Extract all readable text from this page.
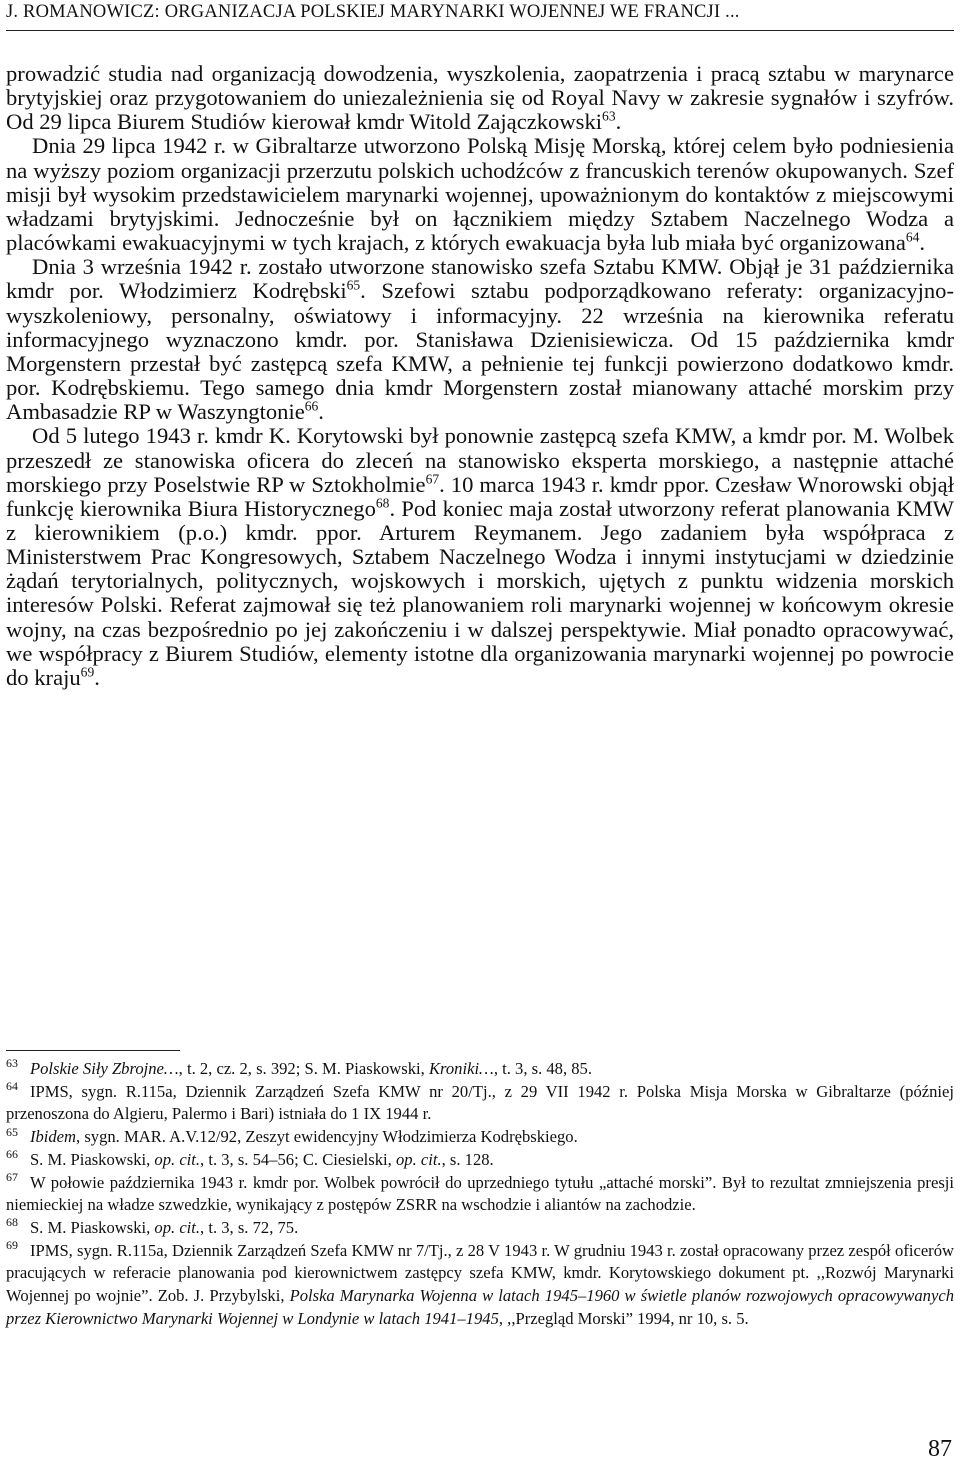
J. ROMANOWICZ: ORGANIZACJA POLSKIEJ MARYNARKI WOJENNEJ WE FRANCJI ...

prowadzić studia nad organizacją dowodzenia, wyszkolenia, zaopatrzenia i pracą sztabu w marynarce brytyjskiej oraz przygotowaniem do uniezależnienia się od Royal Navy w zakresie sygnałów i szyfrów. Od 29 lipca Biurem Studiów kierował kmdr Witold Zajączkowski$^{63}$.

Dnia 29 lipca 1942 r. w Gibraltarze utworzono Polską Misję Morską, której celem było podniesienia na wyższy poziom organizacji przerzutu polskich uchodźców z francuskich terenów okupowanych. Szef misji był wysokim przedstawicielem marynarki wojennej, upoważnionym do kontaktów z miejscowymi władzami brytyjskimi. Jednocześnie był on łącznikiem między Sztabem Naczelnego Wodza a placówkami ewakuacyjnymi w tych krajach, z których ewakuacja była lub miała być organizowana$^{64}$.

Dnia 3 września 1942 r. zostało utworzone stanowisko szefa Sztabu KMW. Objął je 31 października kmdr por. Włodzimierz Kodrębski$^{65}$. Szefowi sztabu podporządkowano referaty: organizacyjno-wyszkoleniowy, personalny, oświatowy i informacyjny. 22 września na kierownika referatu informacyjnego wyznaczono kmdr. por. Stanisława Dzienisiewicza. Od 15 października kmdr Morgenstern przestał być zastępcą szefa KMW, a pełnienie tej funkcji powierzono dodatkowo kmdr. por. Kodrębskiemu. Tego samego dnia kmdr Morgenstern został mianowany attaché morskim przy Ambasadzie RP w Waszyngtonie$^{66}$.

Od 5 lutego 1943 r. kmdr K. Korytowski był ponownie zastępcą szefa KMW, a kmdr por. M. Wolbek przeszedł ze stanowiska oficera do zleceń na stanowisko eksperta morskiego, a następnie attaché morskiego przy Poselstwie RP w Sztokholmie$^{67}$. 10 marca 1943 r. kmdr ppor. Czesław Wnorowski objął funkcję kierownika Biura Historycznego$^{68}$. Pod koniec maja został utworzony referat planowania KMW z kierownikiem (p.o.) kmdr. ppor. Arturem Reymanem. Jego zadaniem była współpraca z Ministerstwem Prac Kongresowych, Sztabem Naczelnego Wodza i innymi instytucjami w dziedzinie żądań terytorialnych, politycznych, wojskowych i morskich, ujętych z punktu widzenia morskich interesów Polski. Referat zajmował się też planowaniem roli marynarki wojennej w końcowym okresie wojny, na czas bezpośrednio po jej zakończeniu i w dalszej perspektywie. Miał ponadto opracowywać, we współpracy z Biurem Studiów, elementy istotne dla organizowania marynarki wojennej po powrocie do kraju$^{69}$.

$^{63}$ Polskie Siły Zbrojne…, t. 2, cz. 2, s. 392; S. M. Piaskowski, Kroniki…, t. 3, s. 48, 85.

$^{64}$ IPMS, sygn. R.115a, Dziennik Zarządzeń Szefa KMW nr 20/Tj., z 29 VII 1942 r. Polska Misja Morska w Gibraltarze (później przenoszona do Algieru, Palermo i Bari) istniała do 1 IX 1944 r.

$^{65}$ Ibidem, sygn. MAR. A.V.12/92, Zeszyt ewidencyjny Włodzimierza Kodrębskiego.

$^{66}$ S. M. Piaskowski, op. cit., t. 3, s. 54–56; C. Ciesielski, op. cit., s. 128.

$^{67}$ W połowie października 1943 r. kmdr por. Wolbek powrócił do uprzedniego tytułu „attaché morski”. Był to rezultat zmniejszenia presji niemieckiej na władze szwedzkie, wynikający z postępów ZSRR na wschodzie i aliantów na zachodzie.

$^{68}$ S. M. Piaskowski, op. cit., t. 3, s. 72, 75.

$^{69}$ IPMS, sygn. R.115a, Dziennik Zarządzeń Szefa KMW nr 7/Tj., z 28 V 1943 r. W grudniu 1943 r. został opracowany przez zespół oficerów pracujących w referacie planowania pod kierownictwem zastępcy szefa KMW, kmdr. Korytowskiego dokument pt. ,,Rozwój Marynarki Wojennej po wojnie”. Zob. J. Przybylski, Polska Marynarka Wojenna w latach 1945–1960 w świetle planów rozwojowych opracowywanych przez Kierownictwo Marynarki Wojennej w Londynie w latach 1941–1945, ,,Przegląd Morski” 1994, nr 10, s. 5.

87
